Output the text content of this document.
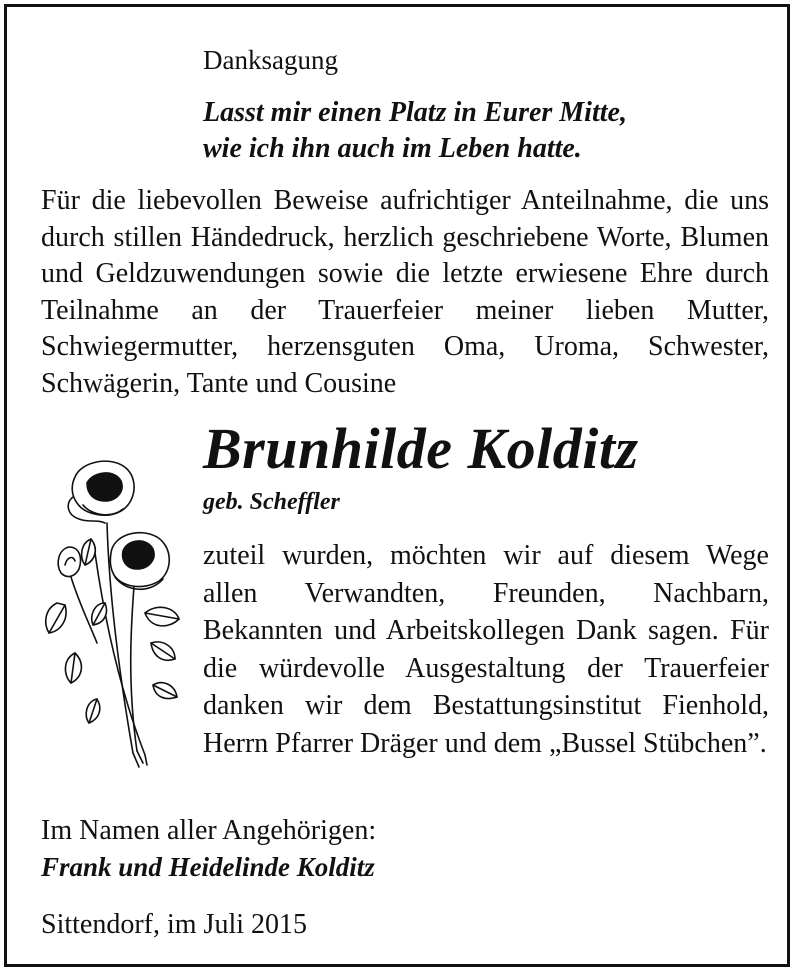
Danksagung

Lasst mir einen Platz in Eurer Mitte,
wie ich ihn auch im Leben hatte.

Für die liebevollen Beweise aufrichtiger Anteilnahme, die uns durch stillen Händedruck, herzlich geschriebene Worte, Blumen und Geldzuwendungen sowie die letzte erwiesene Ehre durch Teilnahme an der Trauerfeier meiner lieben Mutter, Schwiegermutter, herzensguten Oma, Uroma, Schwester, Schwägerin, Tante und Cousine

Brunhilde Kolditz

geb. Scheffler

zuteil wurden, möchten wir auf diesem Wege allen Verwandten, Freunden, Nachbarn, Bekannten und Arbeitskollegen Dank sagen. Für die würdevolle Ausgestaltung der Trauerfeier danken wir dem Bestattungsinstitut Fienhold, Herrn Pfarrer Dräger und dem „Bussel Stübchen”.

Im Namen aller Angehörigen:

Frank und Heidelinde Kolditz

Sittendorf, im Juli 2015
